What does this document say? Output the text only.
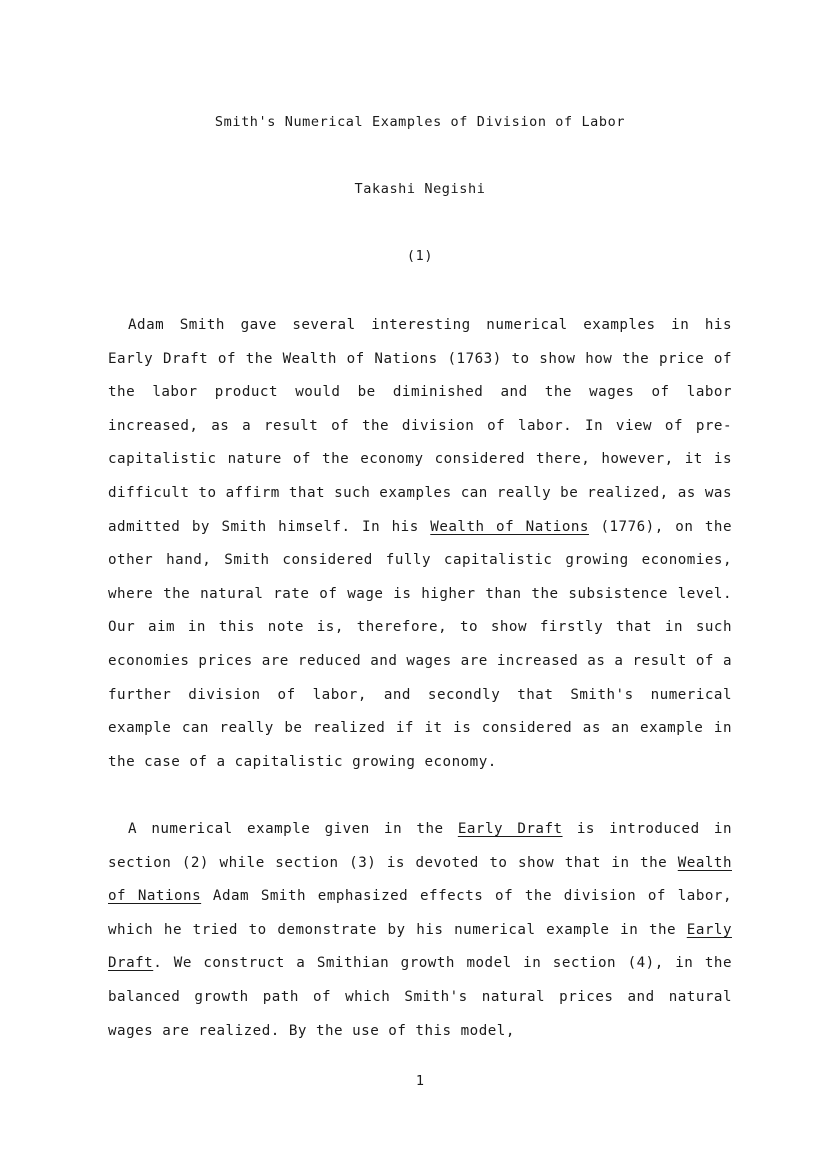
Smith's Numerical Examples of Division of Labor
Takashi Negishi
(1)
Adam Smith gave several interesting numerical examples in his Early Draft of the Wealth of Nations (1763) to show how the price of the labor product would be diminished and the wages of labor increased, as a result of the division of labor. In view of pre-capitalistic nature of the economy considered there, however, it is difficult to affirm that such examples can really be realized, as was admitted by Smith himself. In his Wealth of Nations (1776), on the other hand, Smith considered fully capitalistic growing economies, where the natural rate of wage is higher than the subsistence level. Our aim in this note is, therefore, to show firstly that in such economies prices are reduced and wages are increased as a result of a further division of labor, and secondly that Smith's numerical example can really be realized if it is considered as an example in the case of a capitalistic growing economy.
A numerical example given in the Early Draft is introduced in section (2) while section (3) is devoted to show that in the Wealth of Nations Adam Smith emphasized effects of the division of labor, which he tried to demonstrate by his numerical example in the Early Draft. We construct a Smithian growth model in section (4), in the balanced growth path of which Smith's natural prices and natural wages are realized. By the use of this model,
1
